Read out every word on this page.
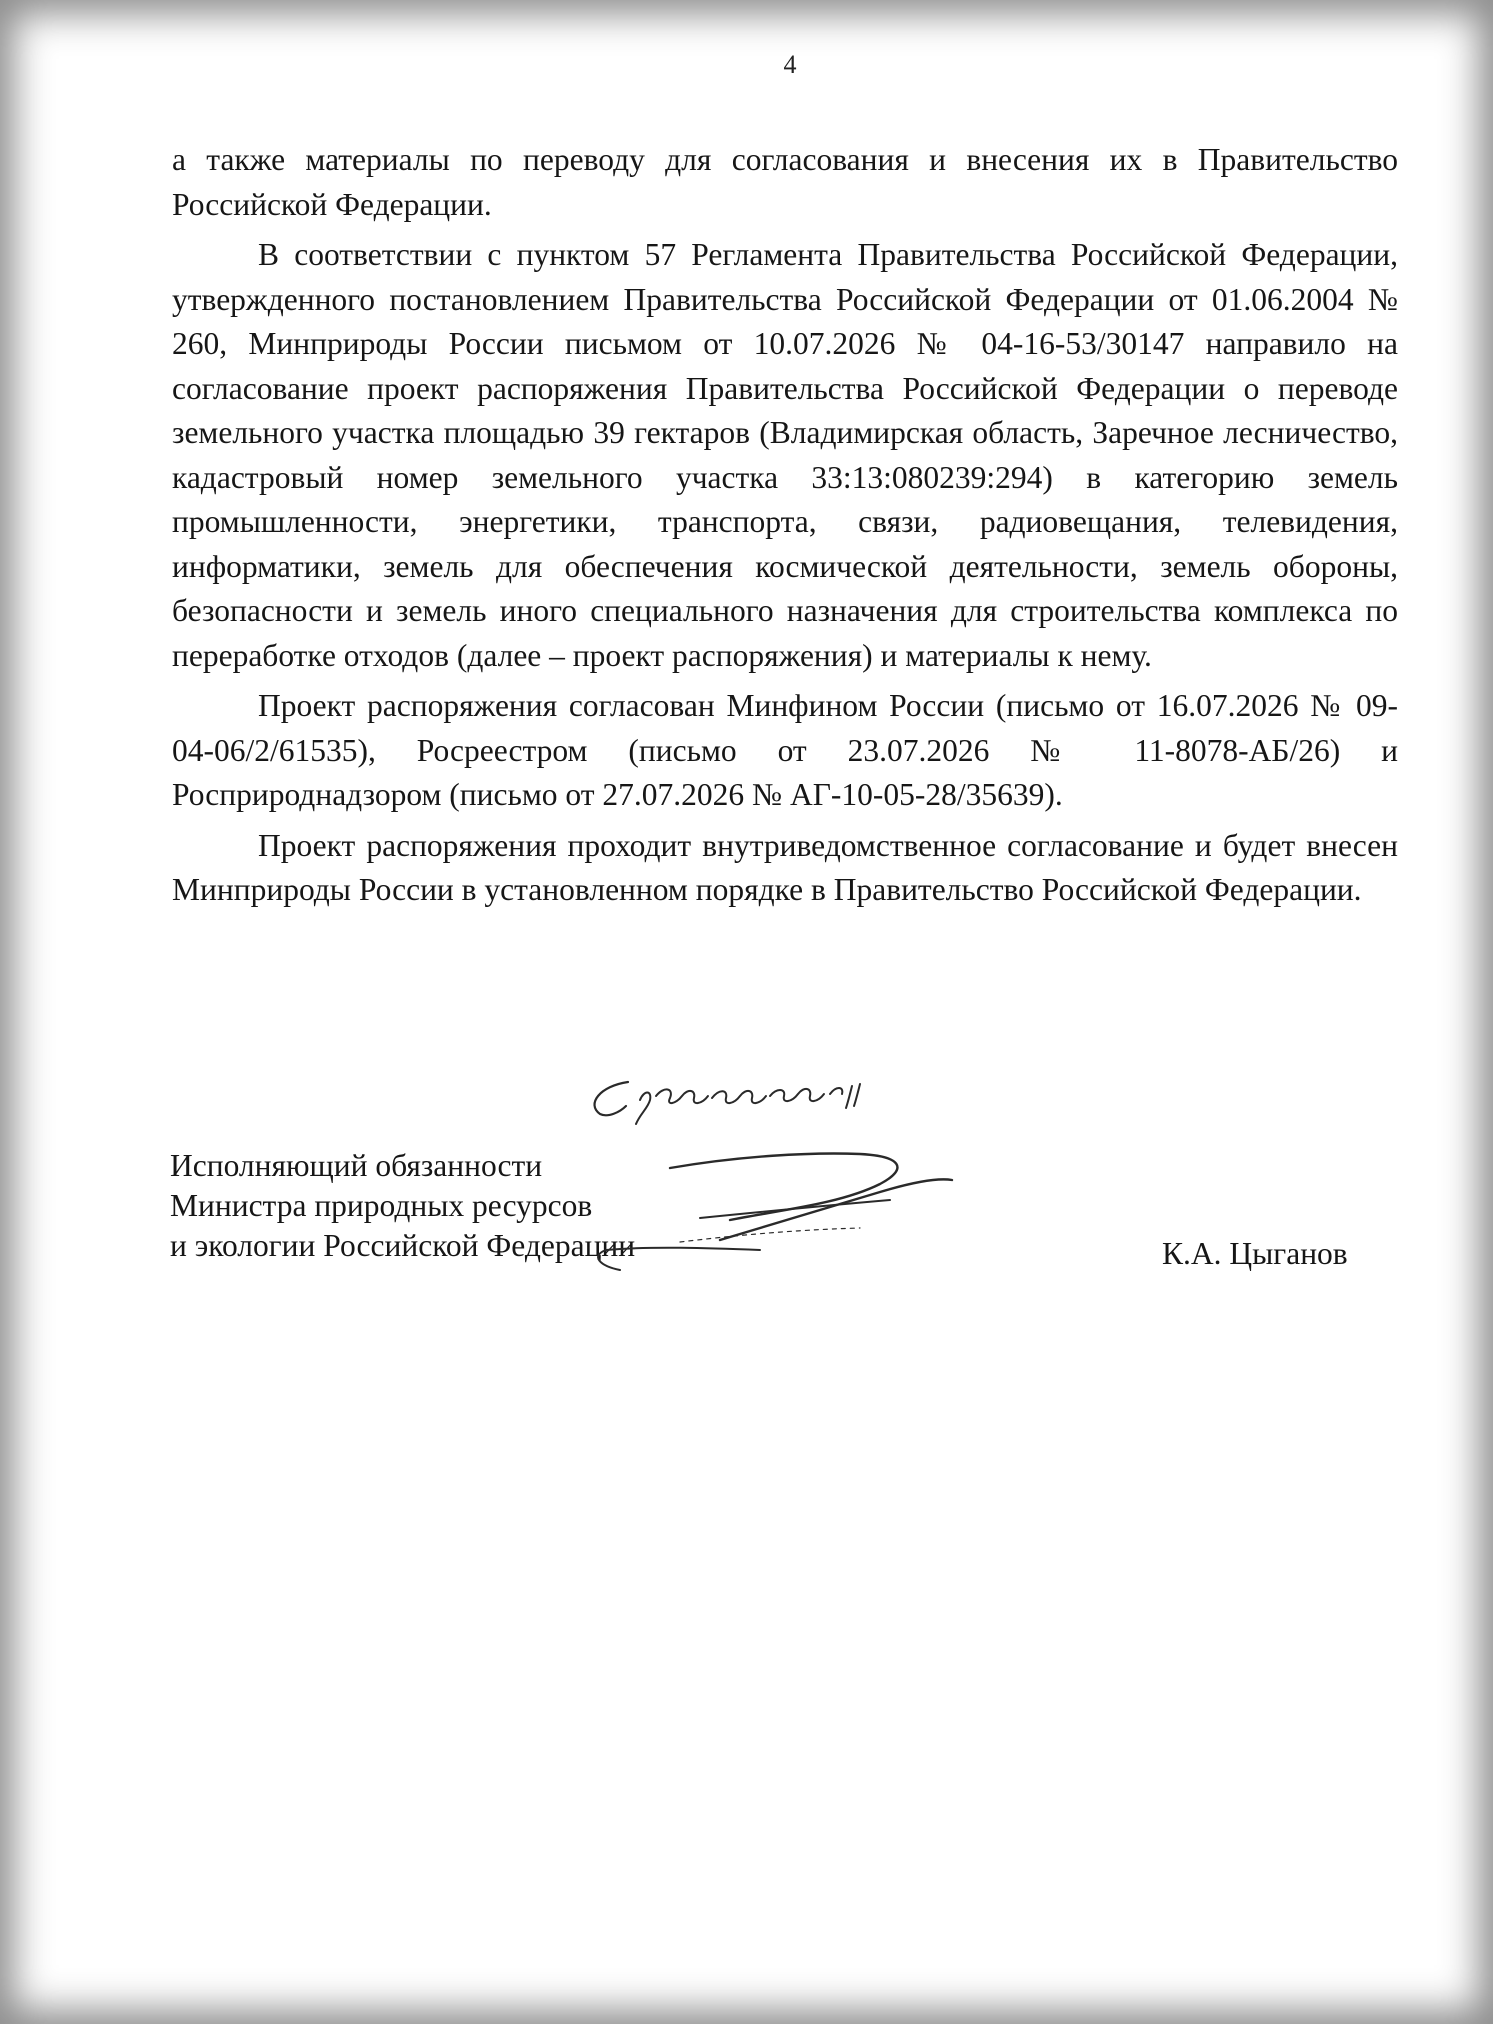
4

а также материалы по переводу для согласования и внесения их в Правительство Российской Федерации.

В соответствии с пунктом 57 Регламента Правительства Российской Федерации, утвержденного постановлением Правительства Российской Федерации от 01.06.2004 № 260, Минприроды России письмом от 10.07.2026 № 04-16-53/30147 направило на согласование проект распоряжения Правительства Российской Федерации о переводе земельного участка площадью 39 гектаров (Владимирская область, Заречное лесничество, кадастровый номер земельного участка 33:13:080239:294) в категорию земель промышленности, энергетики, транспорта, связи, радиовещания, телевидения, информатики, земель для обеспечения космической деятельности, земель обороны, безопасности и земель иного специального назначения для строительства комплекса по переработке отходов (далее – проект распоряжения) и материалы к нему.

Проект распоряжения согласован Минфином России (письмо от 16.07.2026 № 09-04-06/2/61535), Росреестром (письмо от 23.07.2026 № 11-8078-АБ/26) и Росприроднадзором (письмо от 27.07.2026 № АГ-10-05-28/35639).

Проект распоряжения проходит внутриведомственное согласование и будет внесен Минприроды России в установленном порядке в Правительство Российской Федерации.

Исполняющий обязанности
Министра природных ресурсов
и экологии Российской Федерации	К.А. Цыганов
